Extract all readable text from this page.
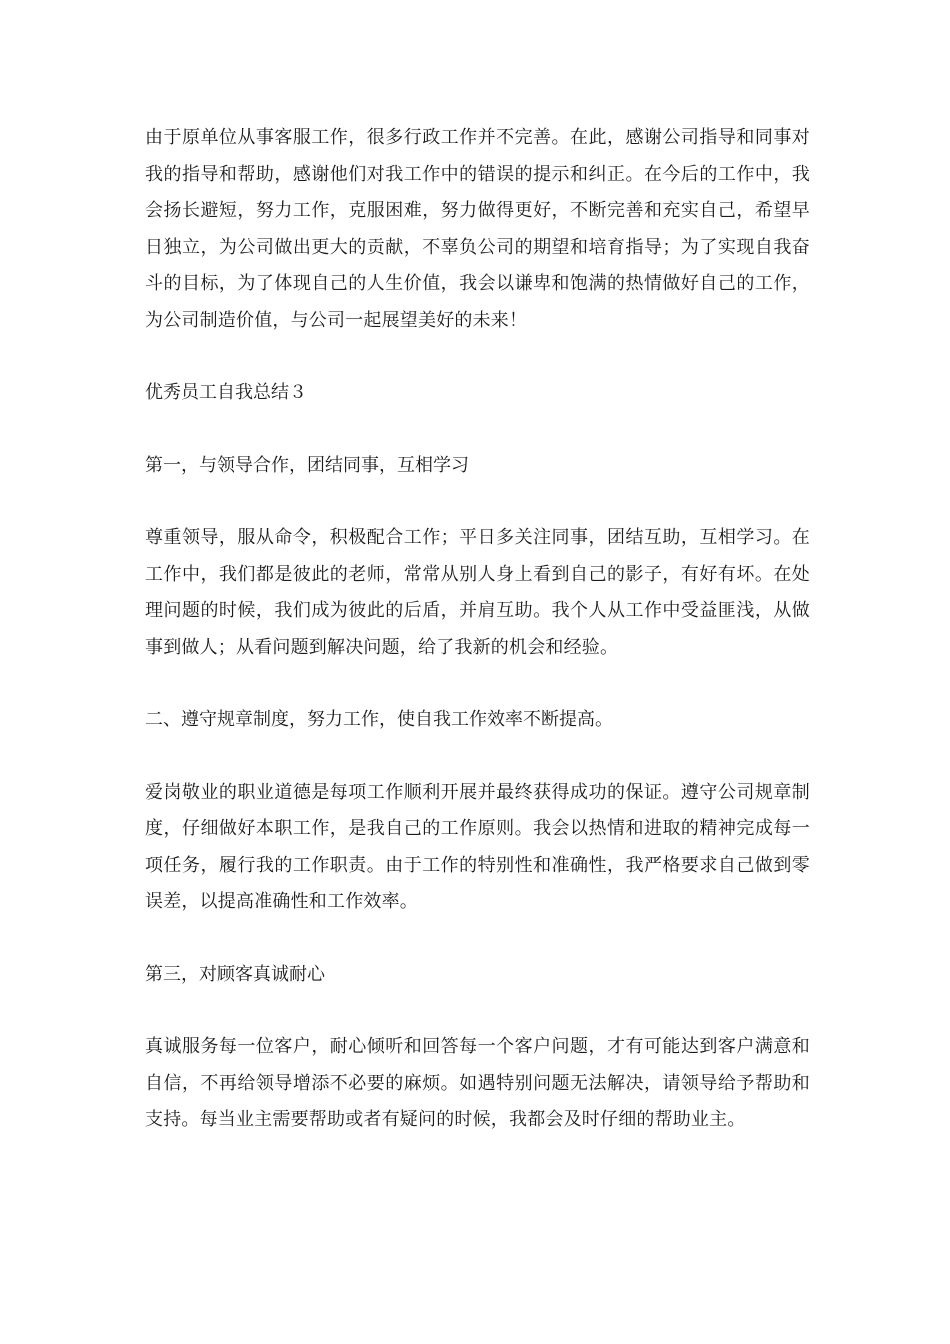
由于原单位从事客服工作，很多行政工作并不完善。在此，感谢公司指导和同事对我的指导和帮助，感谢他们对我工作中的错误的提示和纠正。在今后的工作中，我会扬长避短，努力工作，克服困难，努力做得更好，不断完善和充实自己，希望早日独立，为公司做出更大的贡献，不辜负公司的期望和培育指导；为了实现自我奋斗的目标，为了体现自己的人生价值，我会以谦卑和饱满的热情做好自己的工作，为公司制造价值，与公司一起展望美好的未来！

优秀员工自我总结３

第一，与领导合作，团结同事，互相学习

尊重领导，服从命令，积极配合工作；平日多关注同事，团结互助，互相学习。在工作中，我们都是彼此的老师，常常从别人身上看到自己的影子，有好有坏。在处理问题的时候，我们成为彼此的后盾，并肩互助。我个人从工作中受益匪浅，从做事到做人；从看问题到解决问题，给了我新的机会和经验。

二、遵守规章制度，努力工作，使自我工作效率不断提高。

爱岗敬业的职业道德是每项工作顺利开展并最终获得成功的保证。遵守公司规章制度，仔细做好本职工作，是我自己的工作原则。我会以热情和进取的精神完成每一项任务，履行我的工作职责。由于工作的特别性和准确性，我严格要求自己做到零误差，以提高准确性和工作效率。

第三，对顾客真诚耐心

真诚服务每一位客户，耐心倾听和回答每一个客户问题，才有可能达到客户满意和自信，不再给领导增添不必要的麻烦。如遇特别问题无法解决，请领导给予帮助和支持。每当业主需要帮助或者有疑问的时候，我都会及时仔细的帮助业主。
